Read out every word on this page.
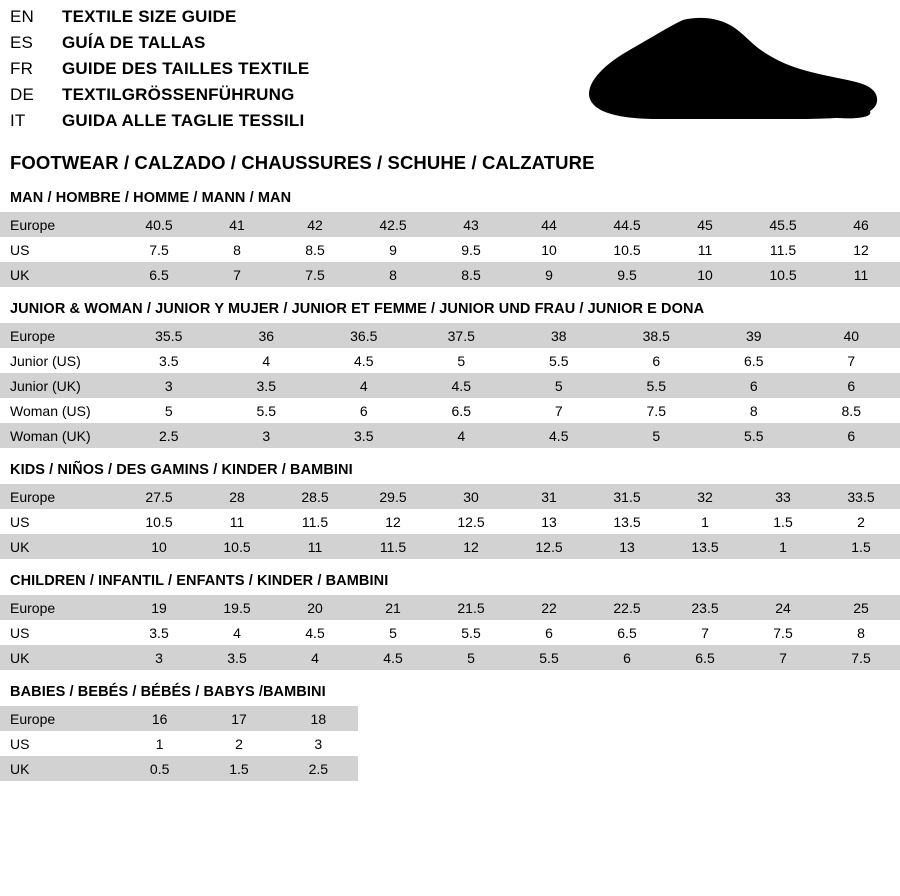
EN	TEXTILE SIZE GUIDE
ES	GUÍA DE TALLAS
FR	GUIDE DES TAILLES TEXTILE
DE	TEXTILGRÖSSENFÜHRUNG
IT	GUIDA ALLE TAGLIE TESSILI
FOOTWEAR / CALZADO / CHAUSSURES / SCHUHE / CALZATURE
MAN / HOMBRE / HOMME / MANN / MAN
Europe	40.5	41	42	42.5	43	44	44.5	45	45.5	46
US	7.5	8	8.5	9	9.5	10	10.5	11	11.5	12
UK	6.5	7	7.5	8	8.5	9	9.5	10	10.5	11
JUNIOR & WOMAN / JUNIOR Y MUJER / JUNIOR ET FEMME / JUNIOR UND FRAU / JUNIOR E DONA
Europe	35.5	36	36.5	37.5	38	38.5	39	40
Junior (US)	3.5	4	4.5	5	5.5	6	6.5	7
Junior (UK)	3	3.5	4	4.5	5	5.5	6	6
Woman (US)	5	5.5	6	6.5	7	7.5	8	8.5
Woman (UK)	2.5	3	3.5	4	4.5	5	5.5	6
KIDS / NIÑOS / DES GAMINS / KINDER / BAMBINI
Europe	27.5	28	28.5	29.5	30	31	31.5	32	33	33.5
US	10.5	11	11.5	12	12.5	13	13.5	1	1.5	2
UK	10	10.5	11	11.5	12	12.5	13	13.5	1	1.5
CHILDREN / INFANTIL / ENFANTS / KINDER / BAMBINI
Europe	19	19.5	20	21	21.5	22	22.5	23.5	24	25
US	3.5	4	4.5	5	5.5	6	6.5	7	7.5	8
UK	3	3.5	4	4.5	5	5.5	6	6.5	7	7.5
BABIES / BEBÉS / BÉBÉS / BABYS /BAMBINI
Europe	16	17	18
US	1	2	3
UK	0.5	1.5	2.5
